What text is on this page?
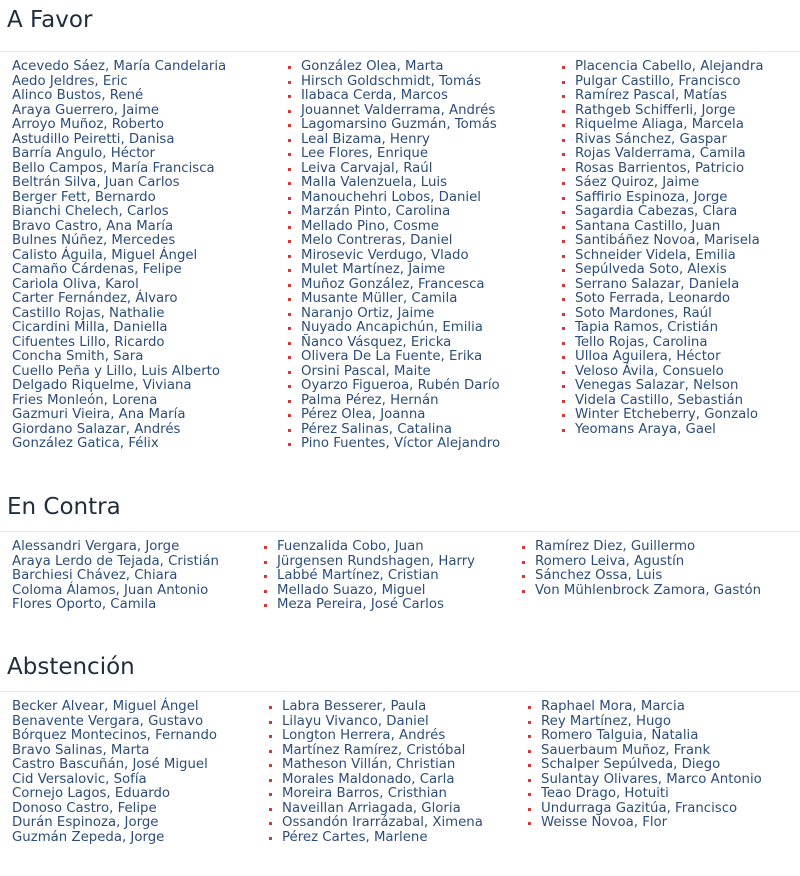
A Favor
Acevedo Sáez, María Candelaria
Aedo Jeldres, Eric
Alinco Bustos, René
Araya Guerrero, Jaime
Arroyo Muñoz, Roberto
Astudillo Peiretti, Danisa
Barría Angulo, Héctor
Bello Campos, María Francisca
Beltrán Silva, Juan Carlos
Berger Fett, Bernardo
Bianchi Chelech, Carlos
Bravo Castro, Ana María
Bulnes Núñez, Mercedes
Calisto Águila, Miguel Ángel
Camaño Cárdenas, Felipe
Cariola Oliva, Karol
Carter Fernández, Álvaro
Castillo Rojas, Nathalie
Cicardini Milla, Daniella
Cifuentes Lillo, Ricardo
Concha Smith, Sara
Cuello Peña y Lillo, Luis Alberto
Delgado Riquelme, Viviana
Fries Monleón, Lorena
Gazmuri Vieira, Ana María
Giordano Salazar, Andrés
González Gatica, Félix
González Olea, Marta
Hirsch Goldschmidt, Tomás
Ilabaca Cerda, Marcos
Jouannet Valderrama, Andrés
Lagomarsino Guzmán, Tomás
Leal Bizama, Henry
Lee Flores, Enrique
Leiva Carvajal, Raúl
Malla Valenzuela, Luis
Manouchehri Lobos, Daniel
Marzán Pinto, Carolina
Mellado Pino, Cosme
Melo Contreras, Daniel
Mirosevic Verdugo, Vlado
Mulet Martínez, Jaime
Muñoz González, Francesca
Musante Müller, Camila
Naranjo Ortiz, Jaime
Nuyado Ancapichún, Emilia
Ñanco Vásquez, Ericka
Olivera De La Fuente, Erika
Orsini Pascal, Maite
Oyarzo Figueroa, Rubén Darío
Palma Pérez, Hernán
Pérez Olea, Joanna
Pérez Salinas, Catalina
Pino Fuentes, Víctor Alejandro
Placencia Cabello, Alejandra
Pulgar Castillo, Francisco
Ramírez Pascal, Matías
Rathgeb Schifferli, Jorge
Riquelme Aliaga, Marcela
Rivas Sánchez, Gaspar
Rojas Valderrama, Camila
Rosas Barrientos, Patricio
Sáez Quiroz, Jaime
Saffirio Espinoza, Jorge
Sagardia Cabezas, Clara
Santana Castillo, Juan
Santibáñez Novoa, Marisela
Schneider Videla, Emilia
Sepúlveda Soto, Alexis
Serrano Salazar, Daniela
Soto Ferrada, Leonardo
Soto Mardones, Raúl
Tapia Ramos, Cristián
Tello Rojas, Carolina
Ulloa Aguilera, Héctor
Veloso Ávila, Consuelo
Venegas Salazar, Nelson
Videla Castillo, Sebastián
Winter Etcheberry, Gonzalo
Yeomans Araya, Gael
En Contra
Alessandri Vergara, Jorge
Araya Lerdo de Tejada, Cristián
Barchiesi Chávez, Chiara
Coloma Álamos, Juan Antonio
Flores Oporto, Camila
Fuenzalida Cobo, Juan
Jürgensen Rundshagen, Harry
Labbé Martínez, Cristian
Mellado Suazo, Miguel
Meza Pereira, José Carlos
Ramírez Diez, Guillermo
Romero Leiva, Agustín
Sánchez Ossa, Luis
Von Mühlenbrock Zamora, Gastón
Abstención
Becker Alvear, Miguel Ángel
Benavente Vergara, Gustavo
Bórquez Montecinos, Fernando
Bravo Salinas, Marta
Castro Bascuñán, José Miguel
Cid Versalovic, Sofía
Cornejo Lagos, Eduardo
Donoso Castro, Felipe
Durán Espinoza, Jorge
Guzmán Zepeda, Jorge
Labra Besserer, Paula
Lilayu Vivanco, Daniel
Longton Herrera, Andrés
Martínez Ramírez, Cristóbal
Matheson Villán, Christian
Morales Maldonado, Carla
Moreira Barros, Cristhian
Naveillan Arriagada, Gloria
Ossandón Irarrázabal, Ximena
Pérez Cartes, Marlene
Raphael Mora, Marcia
Rey Martínez, Hugo
Romero Talguia, Natalia
Sauerbaum Muñoz, Frank
Schalper Sepúlveda, Diego
Sulantay Olivares, Marco Antonio
Teao Drago, Hotuiti
Undurraga Gazitúa, Francisco
Weisse Novoa, Flor
